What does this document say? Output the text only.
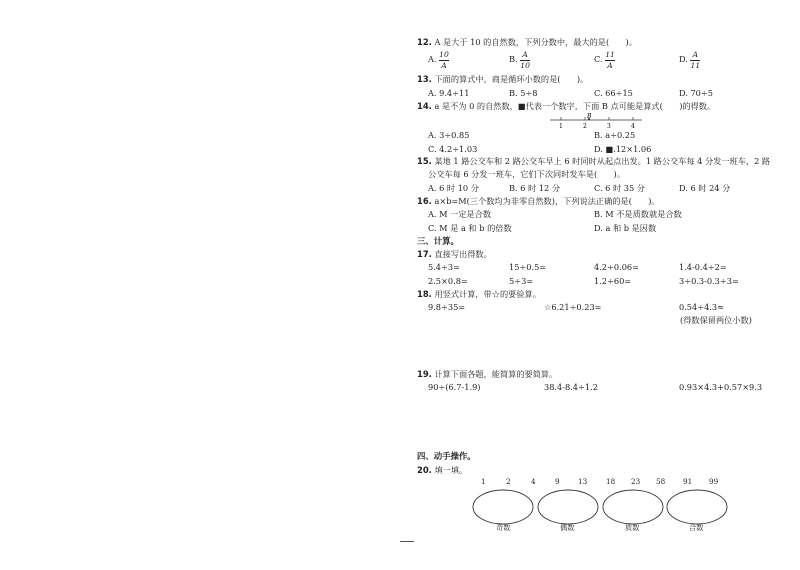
12. A 是大于 10 的自然数，下列分数中，最大的是(　　)。
A. $\frac{10}{A}$	B. $\frac{A}{10}$	C. $\frac{11}{A}$	D. $\frac{A}{11}$
13. 下面的算式中，商是循环小数的是(　　)。
A. 9.4÷11	B. 5÷8	C. 66÷15	D. 70÷5
14. a 是不为 0 的自然数，■代表一个数字，下面 B 点可能是算式(　　)的得数。
B
1	2	3	4
A. 3÷0.85	B. a÷0.25
C. 4.2÷1.03	D. ■.12×1.06
15. 某地 1 路公交车和 2 路公交车早上 6 时同时从起点出发。1 路公交车每 4 分发一班车，2 路
公交车每 6 分发一班车，它们下次同时发车是(　　)。
A. 6 时 10 分	B. 6 时 12 分	C. 6 时 35 分	D. 6 时 24 分
16. a×b=M(三个数均为非零自然数)，下列说法正确的是(　　)。
A. M 一定是合数	B. M 不是质数就是合数
C. M 是 a 和 b 的倍数	D. a 和 b 是因数
三、计算。
17. 直接写出得数。
5.4÷3=	15÷0.5=	4.2÷0.06=	1.4-0.4÷2=
2.5×0.8=	5÷3=	1.2÷60=	3÷0.3-0.3÷3=
18. 用竖式计算，带☆的要验算。
9.8÷35=	☆6.21÷0.23=	0.54÷4.3≈
(得数保留两位小数)
19. 计算下面各题，能简算的要简算。
90÷(6.7-1.9)	38.4-8.4÷1.2	0.93×4.3+0.57×9.3
四、动手操作。
20. 填一填。
1	2	4	9	13	18 23 58 91 99
奇数	偶数	质数	合数
